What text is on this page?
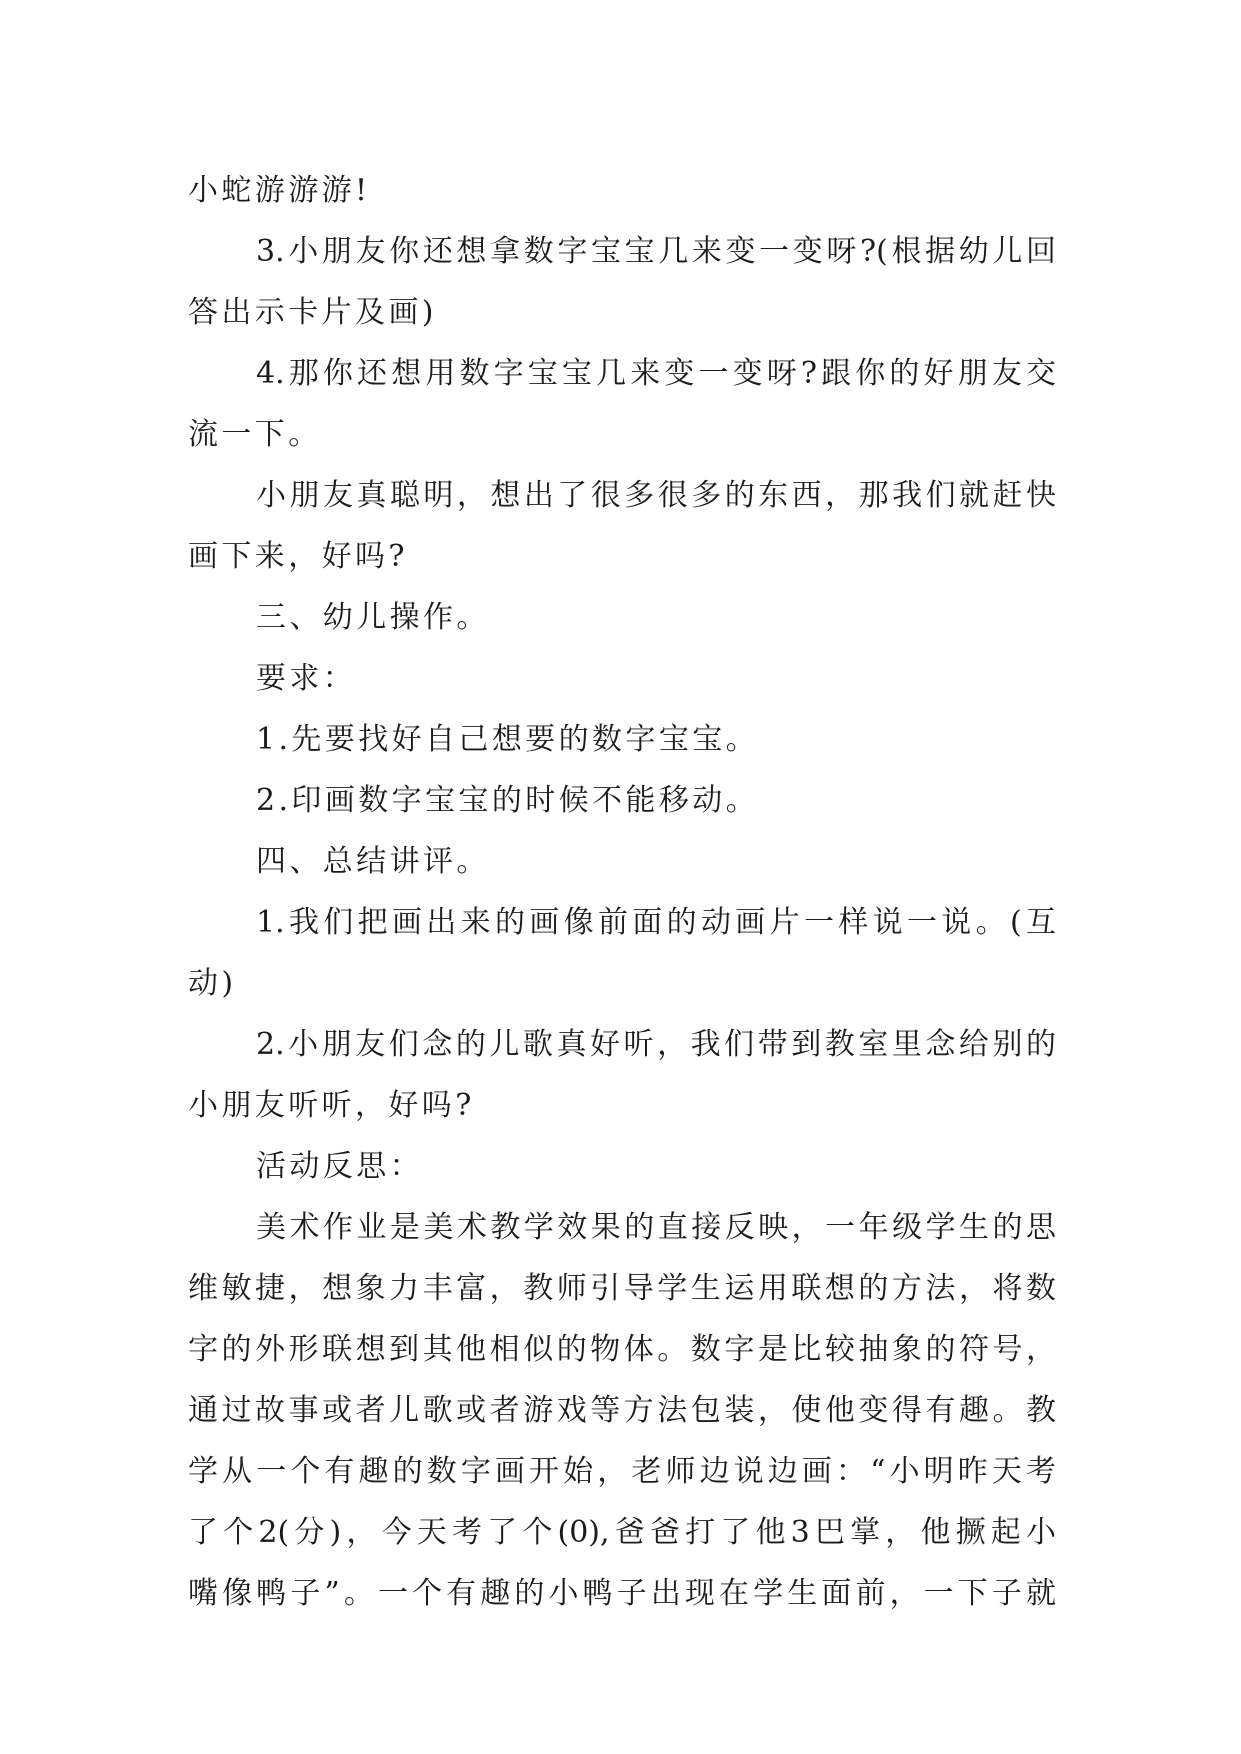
小蛇游游游!
3.小朋友你还想拿数字宝宝几来变一变呀?(根据幼儿回
答出示卡片及画)
4.那你还想用数字宝宝几来变一变呀?跟你的好朋友交
流一下。
小朋友真聪明，想出了很多很多的东西，那我们就赶快
画下来，好吗?
三、幼儿操作。
要求：
1.先要找好自己想要的数字宝宝。
2.印画数字宝宝的时候不能移动。
四、总结讲评。
1.我们把画出来的画像前面的动画片一样说一说。(互
动)
2.小朋友们念的儿歌真好听，我们带到教室里念给别的
小朋友听听，好吗?
活动反思：
美术作业是美术教学效果的直接反映，一年级学生的思
维敏捷，想象力丰富，教师引导学生运用联想的方法，将数
字的外形联想到其他相似的物体。数字是比较抽象的符号，
通过故事或者儿歌或者游戏等方法包装，使他变得有趣。教
学从一个有趣的数字画开始，老师边说边画：“小明昨天考
了个2(分)，今天考了个(0),爸爸打了他3巴掌，他撅起小
嘴像鸭子”。一个有趣的小鸭子出现在学生面前，一下子就
